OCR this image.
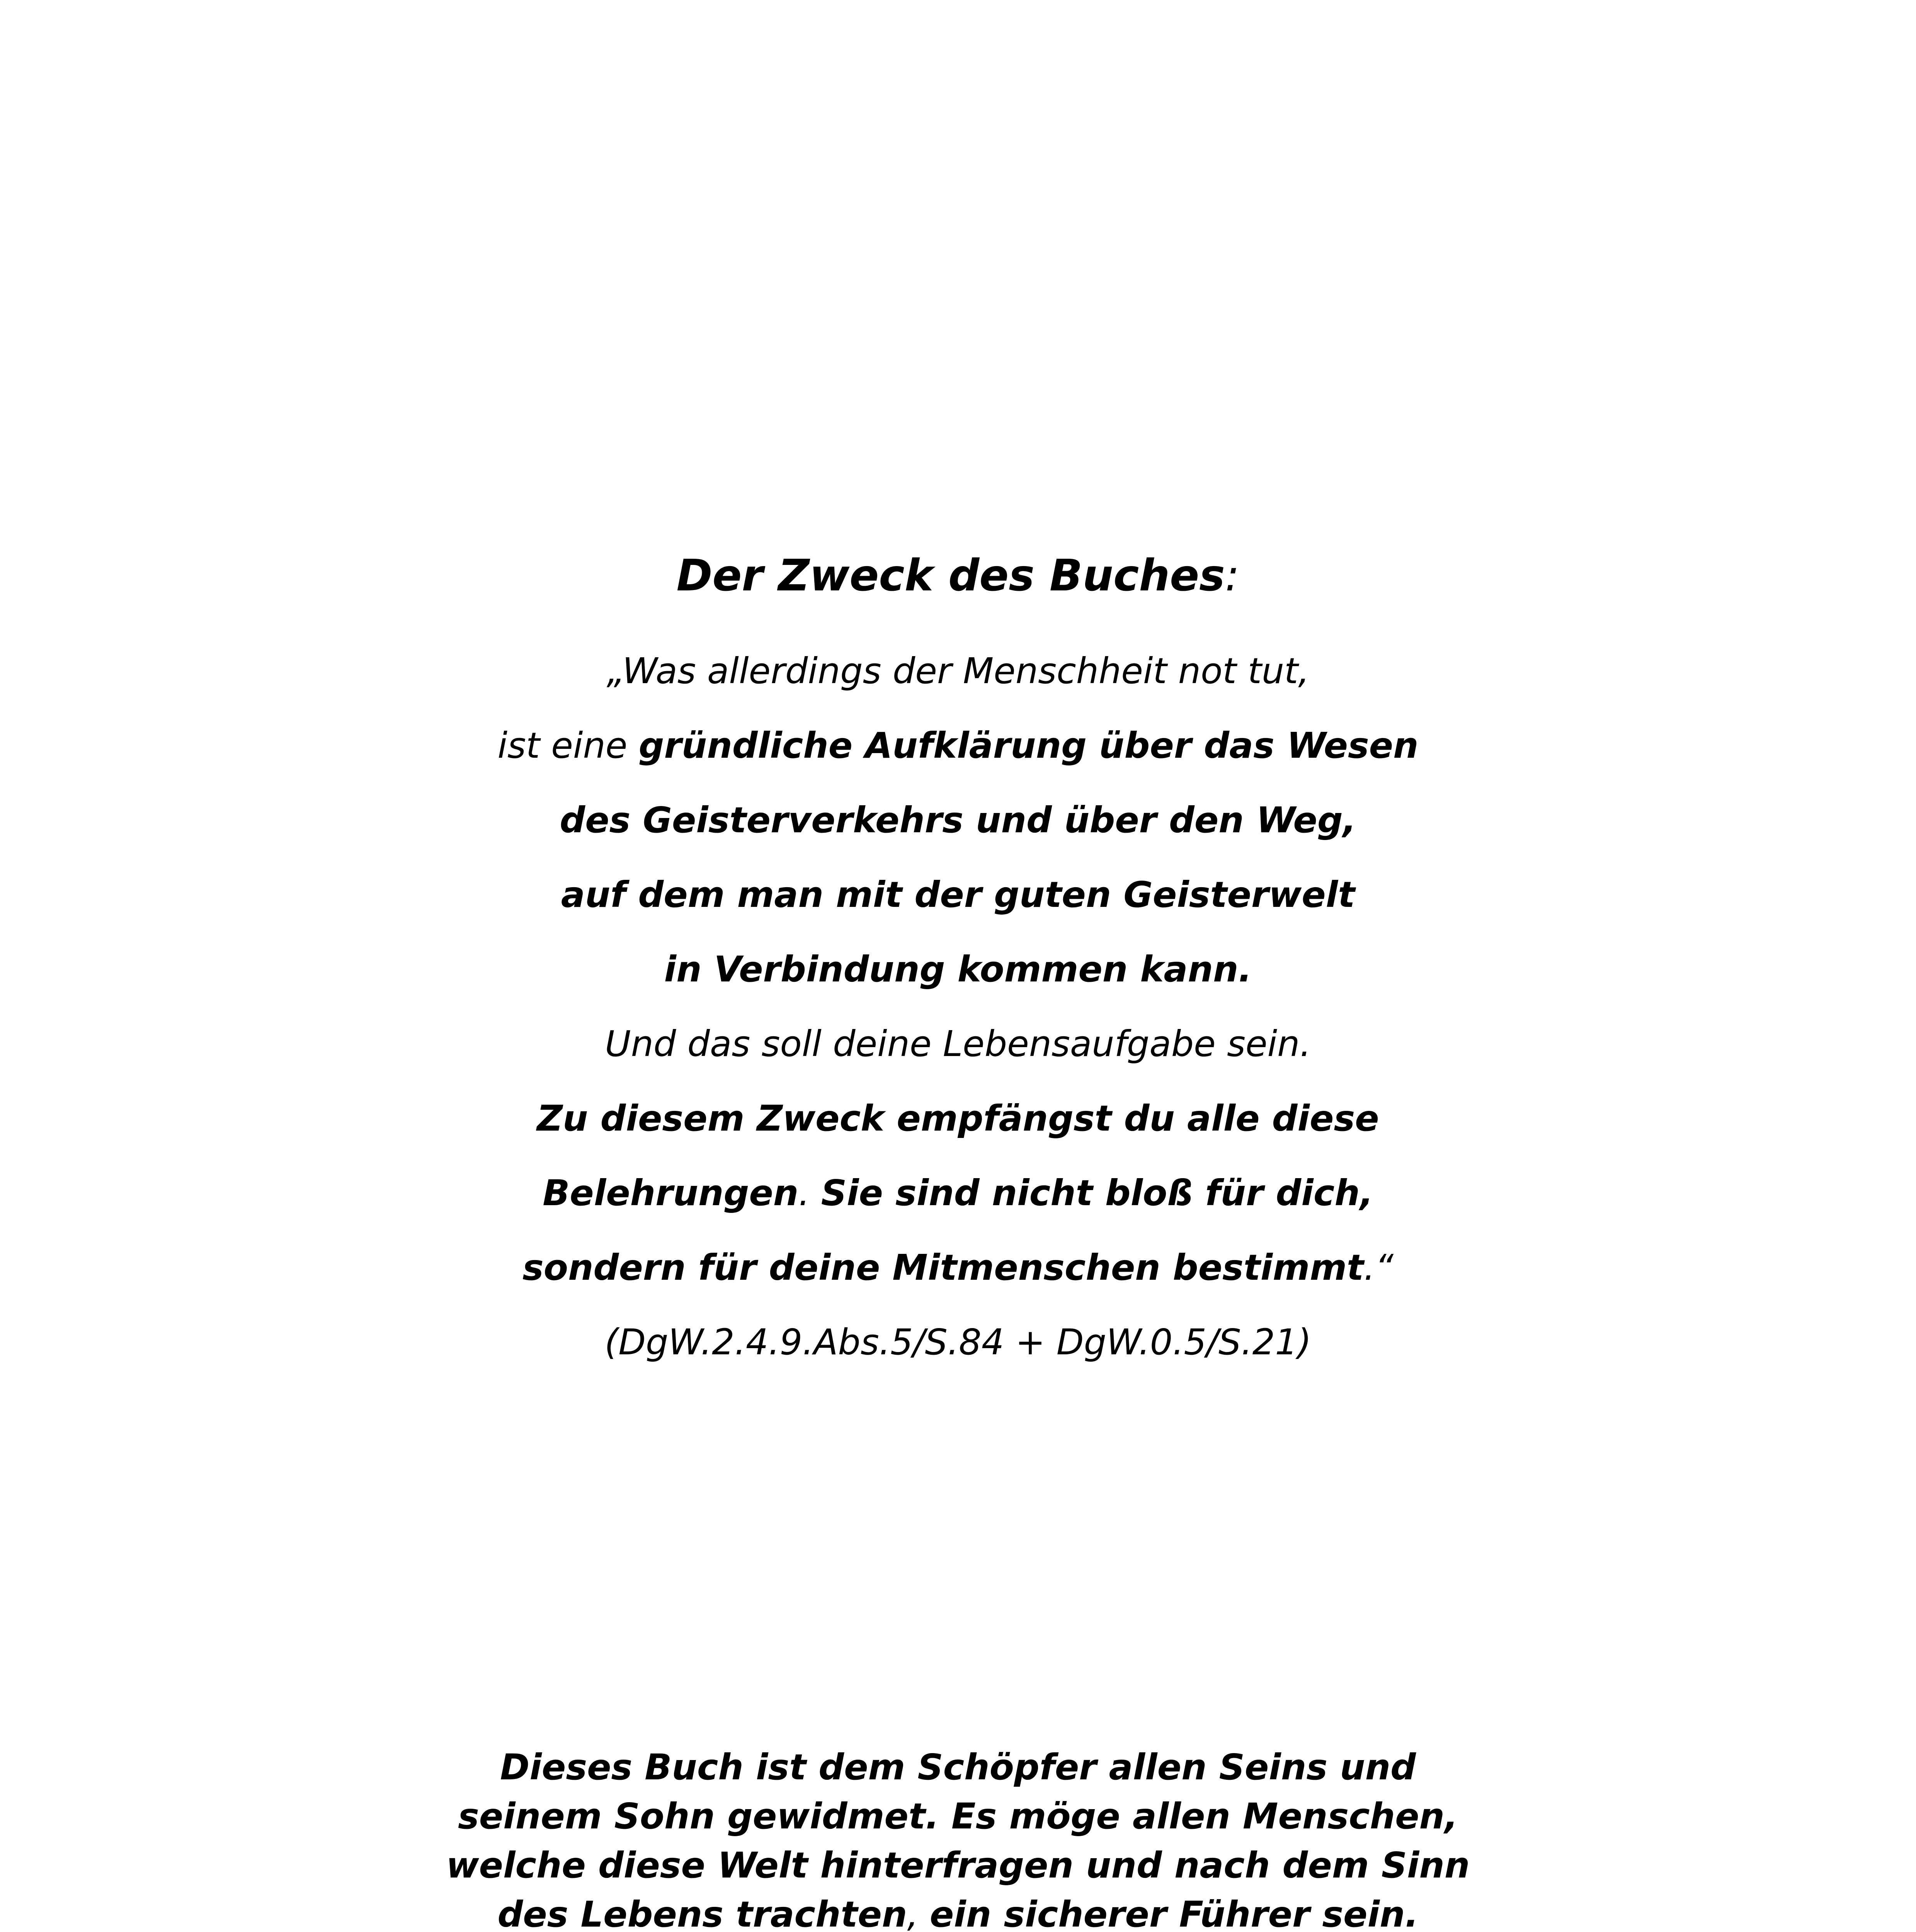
Der Zweck des Buches:

„Was allerdings der Menschheit not tut,
ist eine gründliche Aufklärung über das Wesen
des Geisterverkehrs und über den Weg,
auf dem man mit der guten Geisterwelt
in Verbindung kommen kann.
Und das soll deine Lebensaufgabe sein.
Zu diesem Zweck empfängst du alle diese
Belehrungen. Sie sind nicht bloß für dich,
sondern für deine Mitmenschen bestimmt.“
(DgW.2.4.9.Abs.5/S.84 + DgW.0.5/S.21)

Dieses Buch ist dem Schöpfer allen Seins und
seinem Sohn gewidmet. Es möge allen Menschen,
welche diese Welt hinterfragen und nach dem Sinn
des Lebens trachten, ein sicherer Führer sein.
